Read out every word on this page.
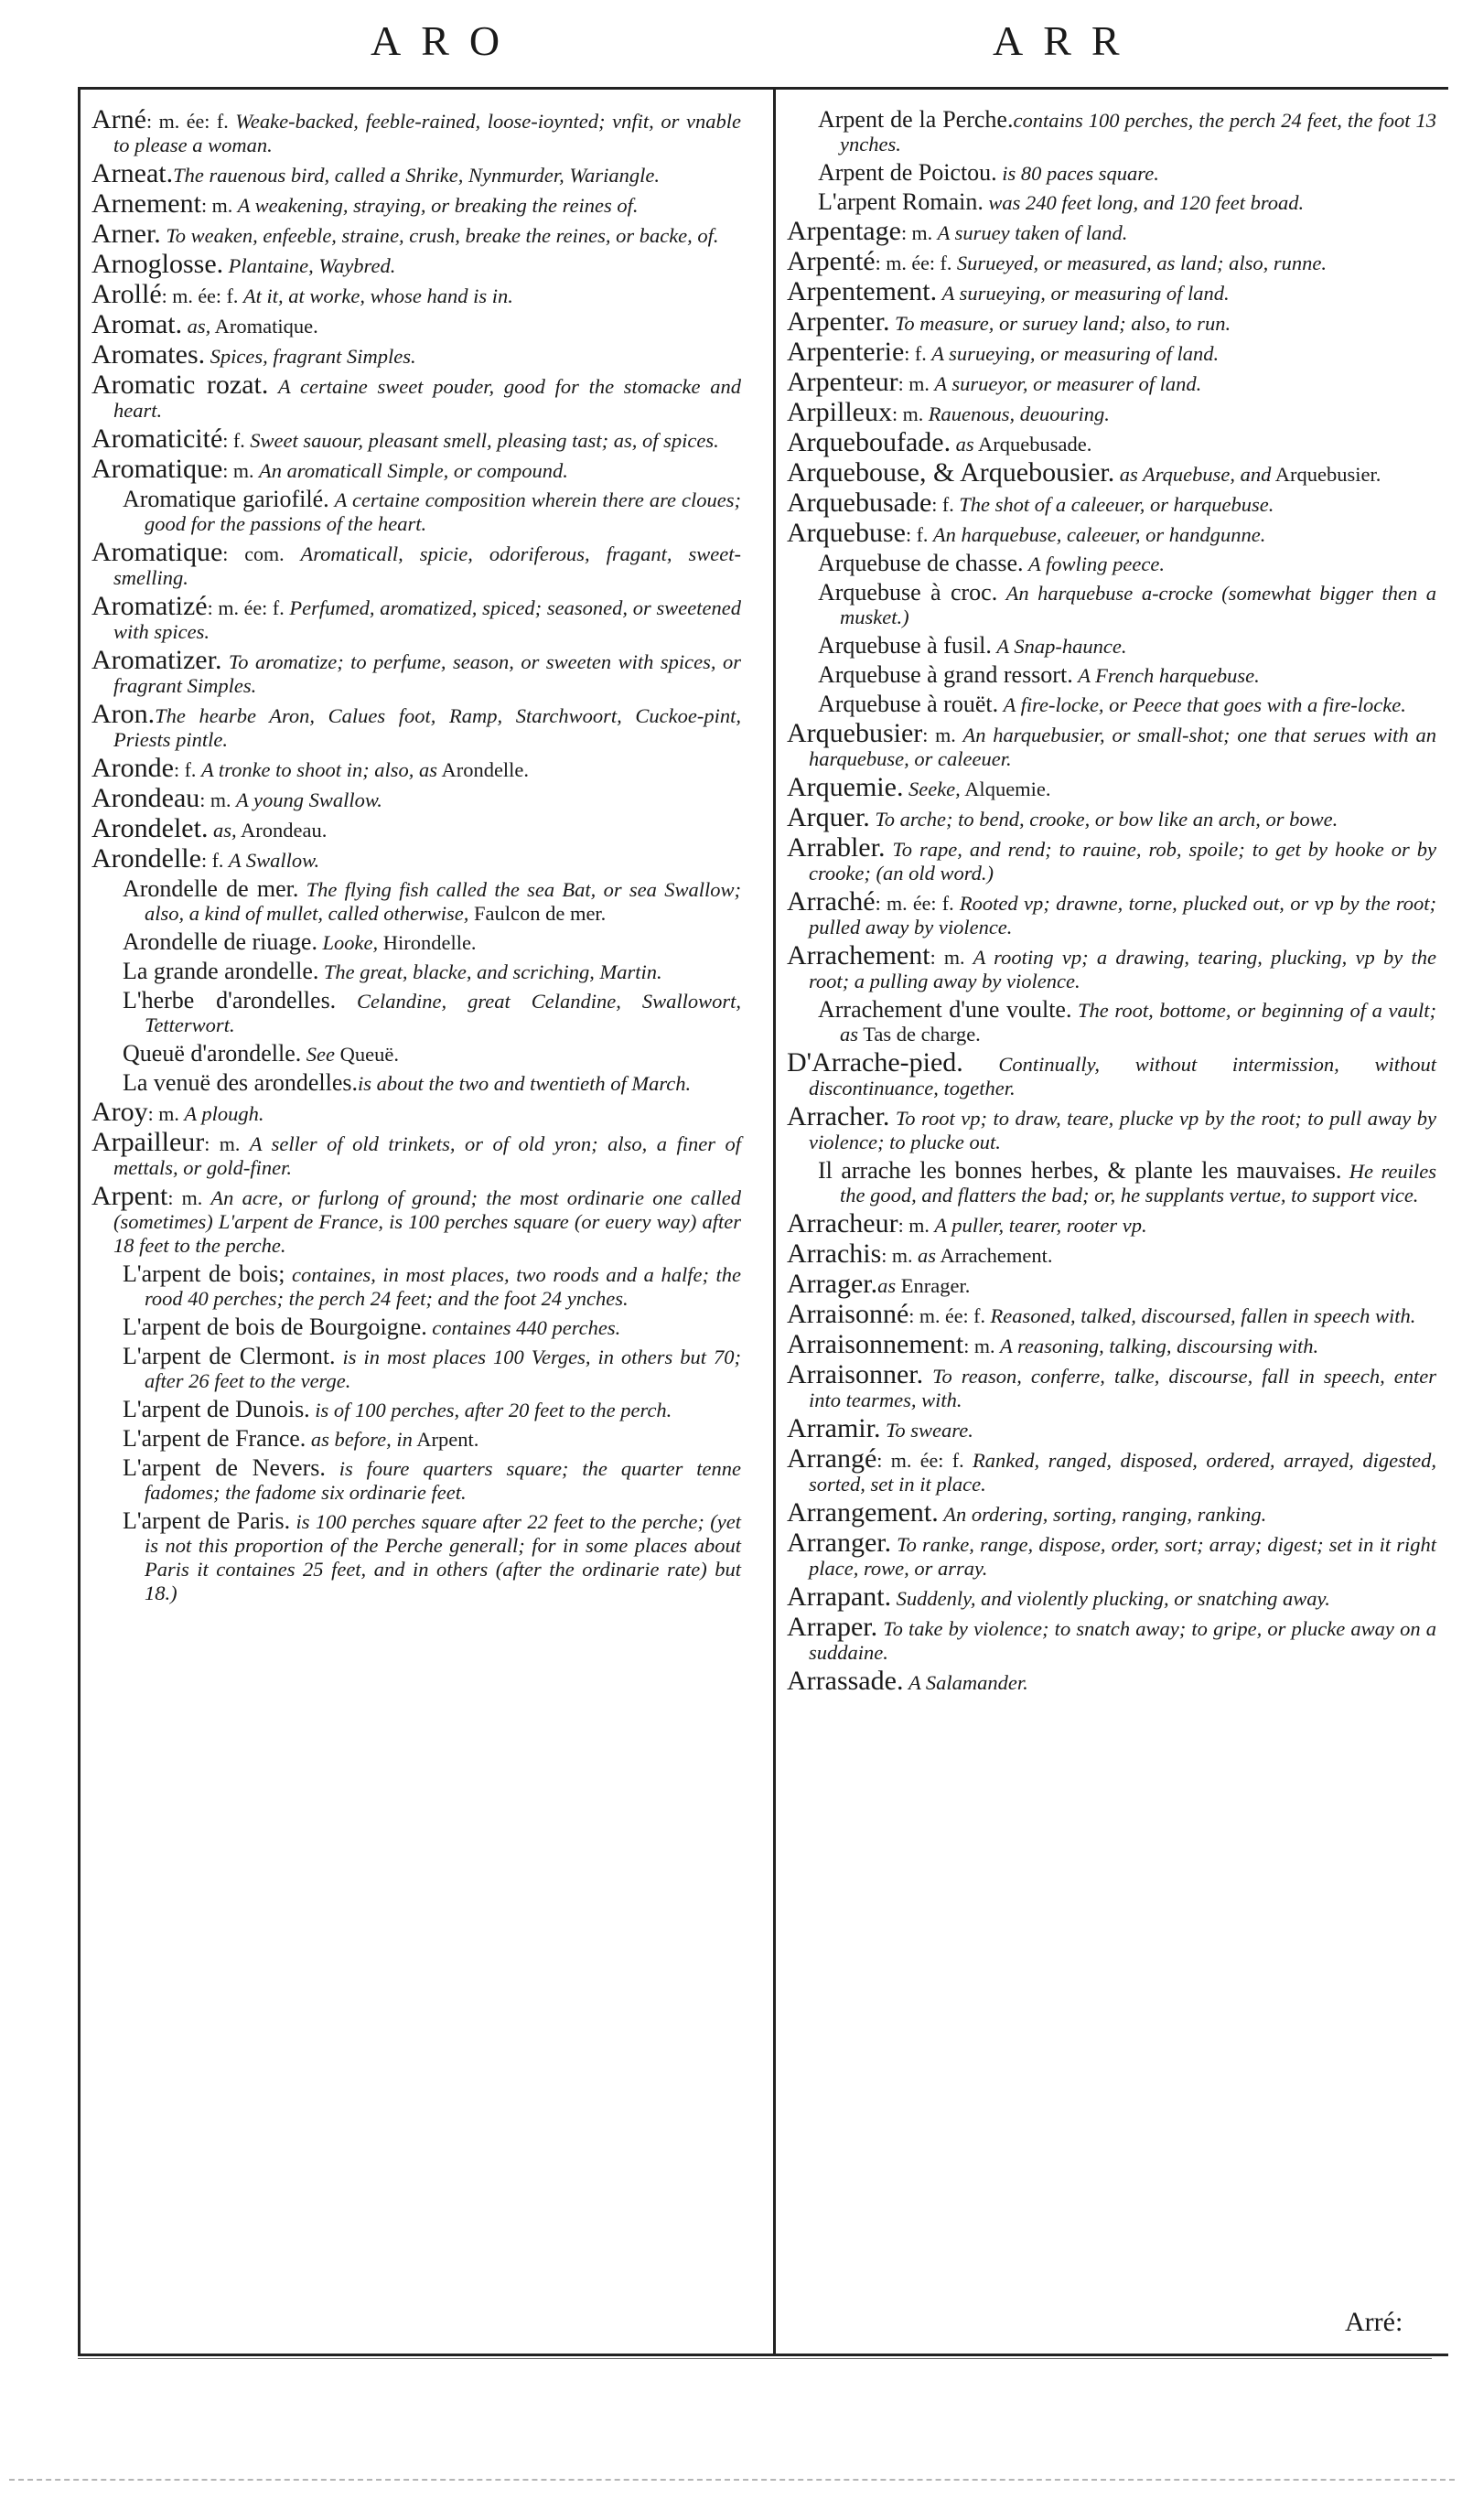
ARO	ARR

Arné: m. ée: f. Weake-backed, feeble-rained, loose-ioynted; vnfit, or vnable to please a woman.

Arneat.The rauenous bird, called a Shrike, Nynmurder, Wariangle.

Arnement: m. A weakening, straying, or breaking the reines of.

Arner. To weaken, enfeeble, straine, crush, breake the reines, or backe, of.

Arnoglosse. Plantaine, Waybred.

Arollé: m. ée: f. At it, at worke, whose hand is in.

Aromat. as, Aromatique.

Aromates. Spices, fragrant Simples.

Aromatic rozat. A certaine sweet pouder, good for the stomacke and heart.

Aromaticité: f. Sweet sauour, pleasant smell, pleasing tast; as, of spices.

Aromatique: m. An aromaticall Simple, or compound.

Aromatique gariofilé. A certaine composition wherein there are cloues; good for the passions of the heart.

Aromatique: com. Aromaticall, spicie, odoriferous, fragant, sweet-smelling.

Aromatizé: m. ée: f. Perfumed, aromatized, spiced; seasoned, or sweetened with spices.

Aromatizer. To aromatize; to perfume, season, or sweeten with spices, or fragrant Simples.

Aron.The hearbe Aron, Calues foot, Ramp, Starchwoort, Cuckoe-pint, Priests pintle.

Aronde: f. A tronke to shoot in; also, as Arondelle.

Arondeau: m. A young Swallow.

Arondelet. as, Arondeau.

Arondelle: f. A Swallow.

Arondelle de mer. The flying fish called the sea Bat, or sea Swallow; also, a kind of mullet, called otherwise, Faulcon de mer.

Arondelle de riuage. Looke, Hirondelle.

La grande arondelle. The great, blacke, and scriching, Martin.

L'herbe d'arondelles. Celandine, great Celandine, Swallowort, Tetterwort.

Queuë d'arondelle. See Queuë.

La venuë des arondelles.is about the two and twentieth of March.

Aroy: m. A plough.

Arpailleur: m. A seller of old trinkets, or of old yron; also, a finer of mettals, or gold-finer.

Arpent: m. An acre, or furlong of ground; the most ordinarie one called (sometimes) L'arpent de France, is 100 perches square (or euery way) after 18 feet to the perche.

L'arpent de bois; containes, in most places, two roods and a halfe; the rood 40 perches; the perch 24 feet; and the foot 24 ynches.

L'arpent de bois de Bourgoigne. containes 440 perches.

L'arpent de Clermont. is in most places 100 Verges, in others but 70; after 26 feet to the verge.

L'arpent de Dunois. is of 100 perches, after 20 feet to the perch.

L'arpent de France. as before, in Arpent.

L'arpent de Nevers. is foure quarters square; the quarter tenne fadomes; the fadome six ordinarie feet.

L'arpent de Paris. is 100 perches square after 22 feet to the perche; (yet is not this proportion of the Perche generall; for in some places about Paris it containes 25 feet, and in others (after the ordinarie rate) but 18.)

Arpent de la Perche.contains 100 perches, the perch 24 feet, the foot 13 ynches.

Arpent de Poictou. is 80 paces square.

L'arpent Romain. was 240 feet long, and 120 feet broad.

Arpentage: m. A suruey taken of land.

Arpenté: m. ée: f. Surueyed, or measured, as land; also, runne.

Arpentement. A surueying, or measuring of land.

Arpenter. To measure, or suruey land; also, to run.

Arpenterie: f. A surueying, or measuring of land.

Arpenteur: m. A surueyor, or measurer of land.

Arpilleux: m. Rauenous, deuouring.

Arqueboufade. as Arquebusade.

Arquebouse, & Arquebousier. as Arquebuse, and Arquebusier.

Arquebusade: f. The shot of a caleeuer, or harquebuse.

Arquebuse: f. An harquebuse, caleeuer, or handgunne.

Arquebuse de chasse. A fowling peece.

Arquebuse à croc. An harquebuse a-crocke (somewhat bigger then a musket.)

Arquebuse à fusil. A Snap-haunce.

Arquebuse à grand ressort. A French harquebuse.

Arquebuse à rouët. A fire-locke, or Peece that goes with a fire-locke.

Arquebusier: m. An harquebusier, or small-shot; one that serues with an harquebuse, or caleeuer.

Arquemie. Seeke, Alquemie.

Arquer. To arche; to bend, crooke, or bow like an arch, or bowe.

Arrabler. To rape, and rend; to rauine, rob, spoile; to get by hooke or by crooke; (an old word.)

Arraché: m. ée: f. Rooted vp; drawne, torne, plucked out, or vp by the root; pulled away by violence.

Arrachement: m. A rooting vp; a drawing, tearing, plucking, vp by the root; a pulling away by violence.

Arrachement d'une voulte. The root, bottome, or beginning of a vault; as Tas de charge.

D'Arrache-pied. Continually, without intermission, without discontinuance, together.

Arracher. To root vp; to draw, teare, plucke vp by the root; to pull away by violence; to plucke out.

Il arrache les bonnes herbes, & plante les mauvaises. He reuiles the good, and flatters the bad; or, he supplants vertue, to support vice.

Arracheur: m. A puller, tearer, rooter vp.

Arrachis: m. as Arrachement.

Arrager.as Enrager.

Arraisonné: m. ée: f. Reasoned, talked, discoursed, fallen in speech with.

Arraisonnement: m. A reasoning, talking, discoursing with.

Arraisonner. To reason, conferre, talke, discourse, fall in speech, enter into tearmes, with.

Arramir. To sweare.

Arrangé: m. ée: f. Ranked, ranged, disposed, ordered, arrayed, digested, sorted, set in it place.

Arrangement. An ordering, sorting, ranging, ranking.

Arranger. To ranke, range, dispose, order, sort; array; digest; set in it right place, rowe, or array.

Arrapant. Suddenly, and violently plucking, or snatching away.

Arraper. To take by violence; to snatch away; to gripe, or plucke away on a suddaine.

Arrassade. A Salamander.

Arré:
